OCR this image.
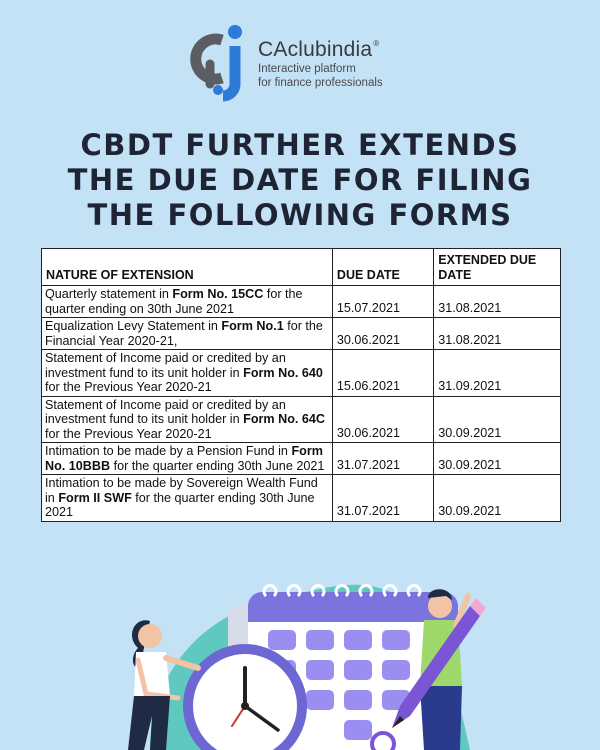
CAclubindia®
Interactive platform
for finance professionals
CBDT FURTHER EXTENDS
THE DUE DATE FOR FILING
THE FOLLOWING FORMS
NATURE OF EXTENSION	DUE DATE	EXTENDED DUE DATE
Quarterly statement in Form No. 15CC for the quarter ending on 30th June 2021	15.07.2021	31.08.2021
Equalization Levy Statement in Form No.1 for the Financial Year 2020-21,	30.06.2021	31.08.2021
Statement of Income paid or credited by an investment fund to its unit holder in Form No. 640 for the Previous Year 2020-21	15.06.2021	31.09.2021
Statement of Income paid or credited by an investment fund to its unit holder in Form No. 64C for the Previous Year 2020-21	30.06.2021	30.09.2021
Intimation to be made by a Pension Fund in Form No. 10BBB for the quarter ending 30th June 2021	31.07.2021	30.09.2021
Intimation to be made by Sovereign Wealth Fund in Form II SWF for the quarter ending 30th June 2021	31.07.2021	30.09.2021
